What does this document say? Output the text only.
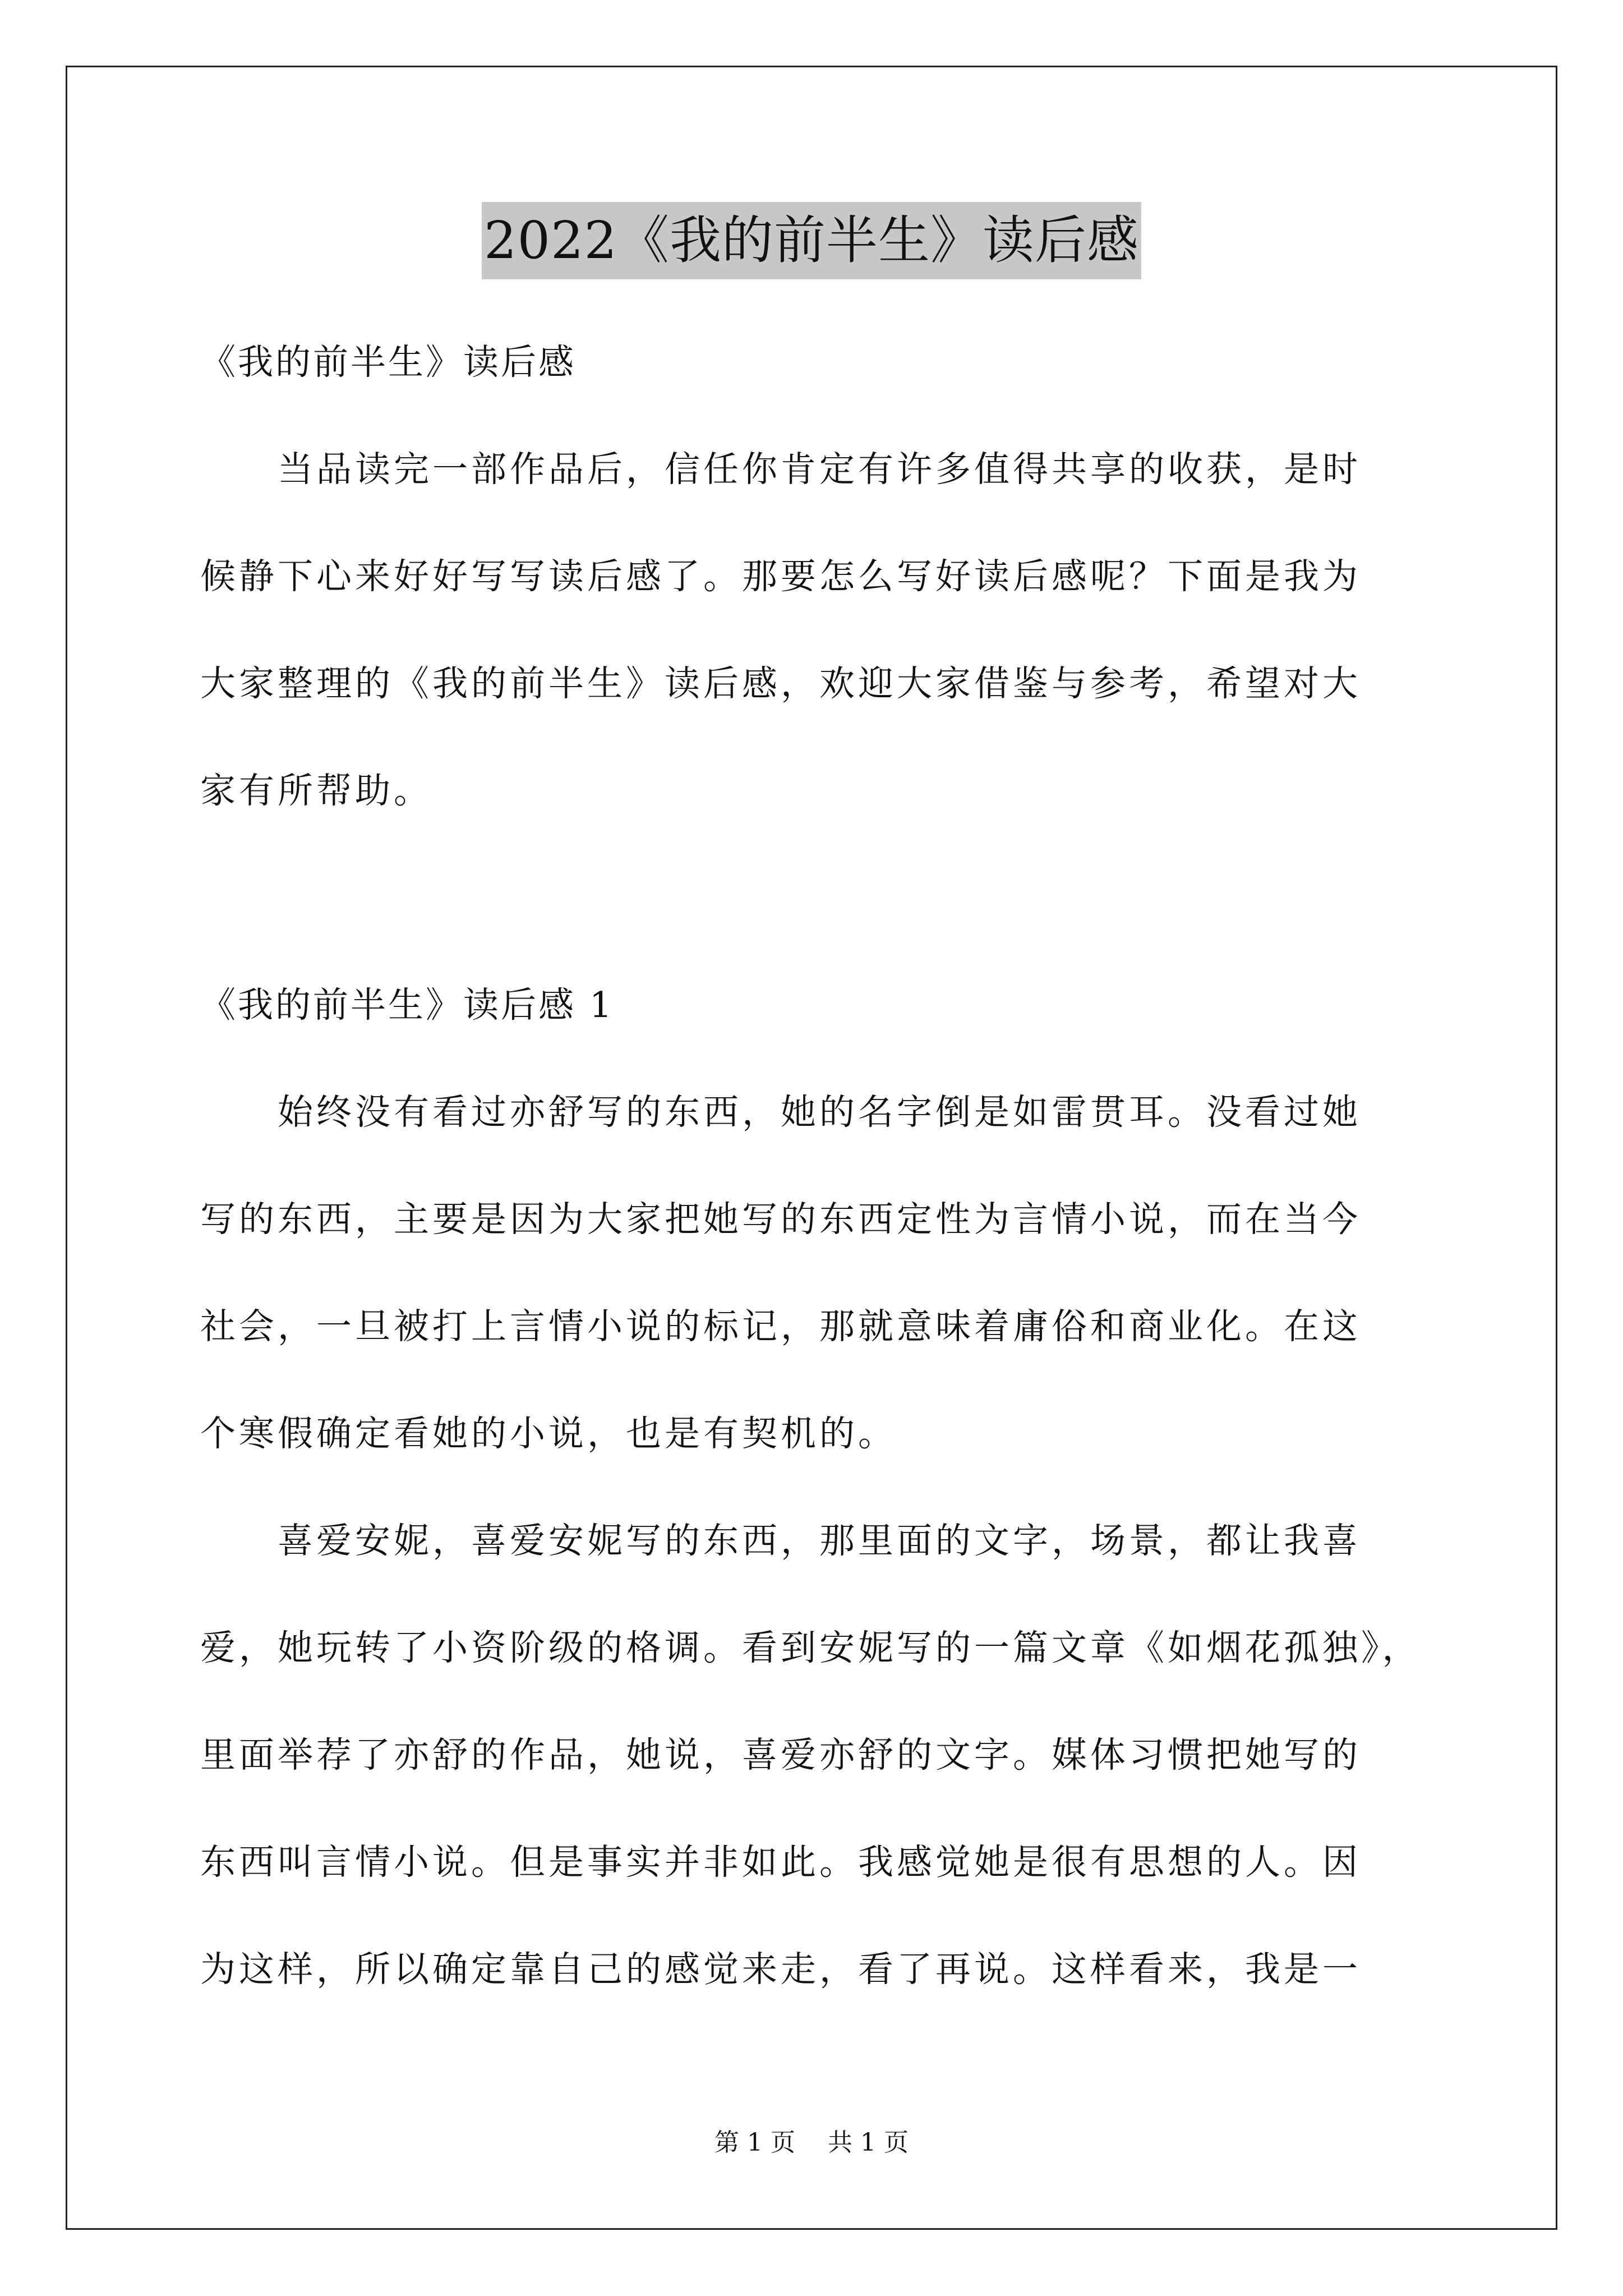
2022《我的前半生》读后感
《我的前半生》读后感
　　当品读完一部作品后，信任你肯定有许多值得共享的收获，是时
候静下心来好好写写读后感了。那要怎么写好读后感呢？下面是我为
大家整理的《我的前半生》读后感，欢迎大家借鉴与参考，希望对大
家有所帮助。
《我的前半生》读后感 1
　　始终没有看过亦舒写的东西，她的名字倒是如雷贯耳。没看过她
写的东西，主要是因为大家把她写的东西定性为言情小说，而在当今
社会，一旦被打上言情小说的标记，那就意味着庸俗和商业化。在这
个寒假确定看她的小说，也是有契机的。
　　喜爱安妮，喜爱安妮写的东西，那里面的文字，场景，都让我喜
爱，她玩转了小资阶级的格调。看到安妮写的一篇文章《如烟花孤独》，
里面举荐了亦舒的作品，她说，喜爱亦舒的文字。媒体习惯把她写的
东西叫言情小说。但是事实并非如此。我感觉她是很有思想的人。因
为这样，所以确定靠自己的感觉来走，看了再说。这样看来，我是一
第 1 页　 共 1 页
